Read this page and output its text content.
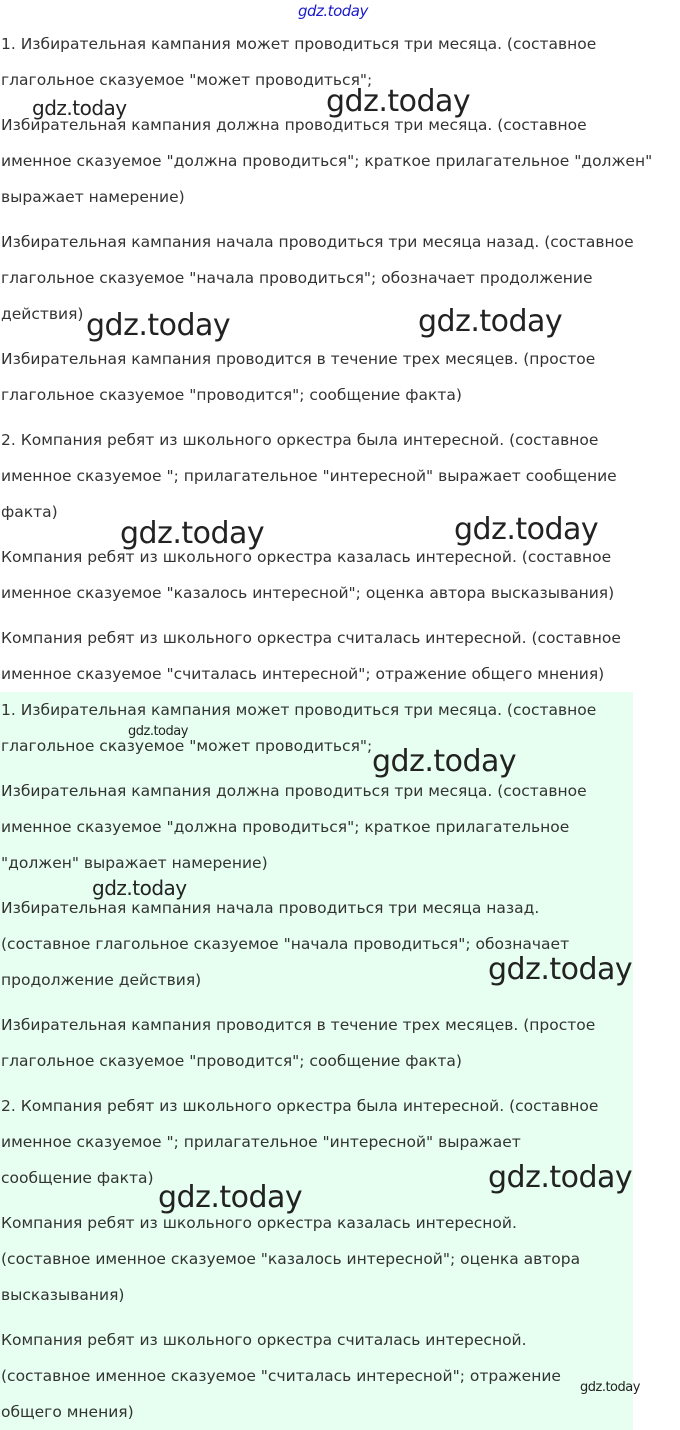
gdz.today
1. Избирательная кампания может проводиться три месяца. (составное
глагольное сказуемое "может проводиться";
Избирательная кампания должна проводиться три месяца. (составное
именное сказуемое "должна проводиться"; краткое прилагательное "должен"
выражает намерение)
Избирательная кампания начала проводиться три месяца назад. (составное
глагольное сказуемое "начала проводиться"; обозначает продолжение
действия)
Избирательная кампания проводится в течение трех месяцев. (простое
глагольное сказуемое "проводится"; сообщение факта)
2. Компания ребят из школьного оркестра была интересной. (составное
именное сказуемое "; прилагательное "интересной" выражает сообщение
факта)
Компания ребят из школьного оркестра казалась интересной. (составное
именное сказуемое "казалось интересной"; оценка автора высказывания)
Компания ребят из школьного оркестра считалась интересной. (составное
именное сказуемое "считалась интересной"; отражение общего мнения)
1. Избирательная кампания может проводиться три месяца. (составное
глагольное сказуемое "может проводиться";
Избирательная кампания должна проводиться три месяца. (составное
именное сказуемое "должна проводиться"; краткое прилагательное
"должен" выражает намерение)
Избирательная кампания начала проводиться три месяца назад.
(составное глагольное сказуемое "начала проводиться"; обозначает
продолжение действия)
Избирательная кампания проводится в течение трех месяцев. (простое
глагольное сказуемое "проводится"; сообщение факта)
2. Компания ребят из школьного оркестра была интересной. (составное
именное сказуемое "; прилагательное "интересной" выражает
сообщение факта)
Компания ребят из школьного оркестра казалась интересной.
(составное именное сказуемое "казалось интересной"; оценка автора
высказывания)
Компания ребят из школьного оркестра считалась интересной.
(составное именное сказуемое "считалась интересной"; отражение
общего мнения)
gdz.today	gdz.today
gdz.today	gdz.today
gdz.today	gdz.today
gdz.today
gdz.today
gdz.today
gdz.today
gdz.today
gdz.today
gdz.today
